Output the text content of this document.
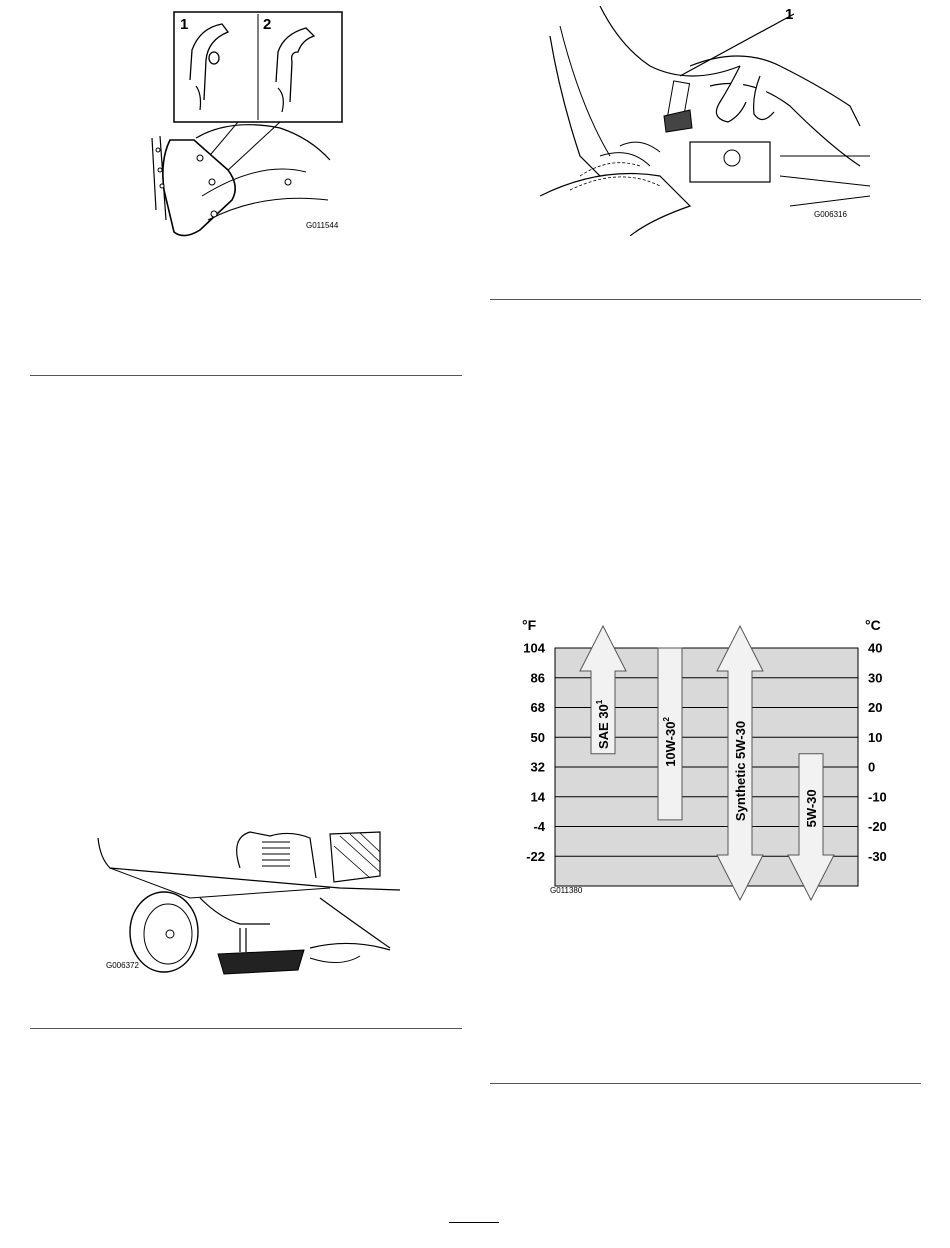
1	2
G011544
1
G006316
G006372
°F	°C
104	40
86	30
68	20
50	10
32	0
14	-10
-4	-20
-22	-30
SAE $30^1$
$10W-30^2$
Synthetic 5W-30	5W-30
G011380
